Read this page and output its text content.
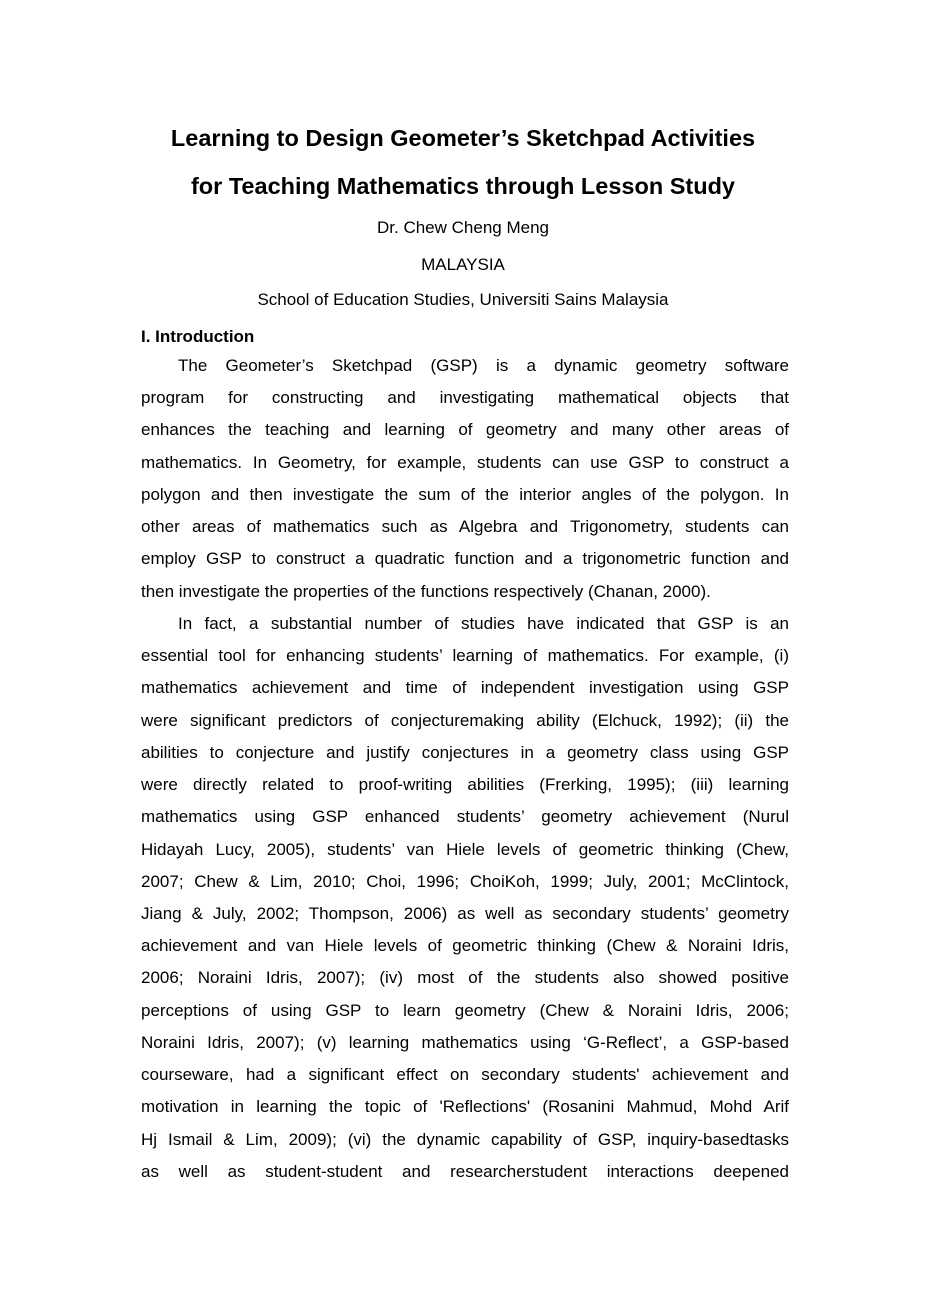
Learning to Design Geometer’s Sketchpad Activities
for Teaching Mathematics through Lesson Study
Dr. Chew Cheng Meng
MALAYSIA
School of Education Studies, Universiti Sains Malaysia
I. Introduction
The Geometer’s Sketchpad (GSP) is a dynamic geometry software
program for constructing and investigating mathematical objects that
enhances the teaching and learning of geometry and many other areas of
mathematics. In Geometry, for example, students can use GSP to construct a
polygon and then investigate the sum of the interior angles of the polygon. In
other areas of mathematics such as Algebra and Trigonometry, students can
employ GSP to construct a quadratic function and a trigonometric function and
then investigate the properties of the functions respectively (Chanan, 2000).
In fact, a substantial number of studies have indicated that GSP is an
essential tool for enhancing students’ learning of mathematics. For example, (i)
mathematics achievement and time of independent investigation using GSP
were significant predictors of conjecturemaking ability (Elchuck, 1992); (ii) the
abilities to conjecture and justify conjectures in a geometry class using GSP
were directly related to proof-writing abilities (Frerking, 1995); (iii) learning
mathematics using GSP enhanced students’ geometry achievement (Nurul
Hidayah Lucy, 2005), students’ van Hiele levels of geometric thinking (Chew,
2007; Chew & Lim, 2010; Choi, 1996; ChoiKoh, 1999; July, 2001; McClintock,
Jiang & July, 2002; Thompson, 2006) as well as secondary students’ geometry
achievement and van Hiele levels of geometric thinking (Chew & Noraini Idris,
2006; Noraini Idris, 2007); (iv) most of the students also showed positive
perceptions of using GSP to learn geometry (Chew & Noraini Idris, 2006;
Noraini Idris, 2007); (v) learning mathematics using ‘G-Reflect’, a GSP-based
courseware, had a significant effect on secondary students' achievement and
motivation in learning the topic of 'Reflections' (Rosanini Mahmud, Mohd Arif
Hj Ismail & Lim, 2009); (vi) the dynamic capability of GSP, inquiry-basedtasks
as well as student-student and researcherstudent interactions deepened
